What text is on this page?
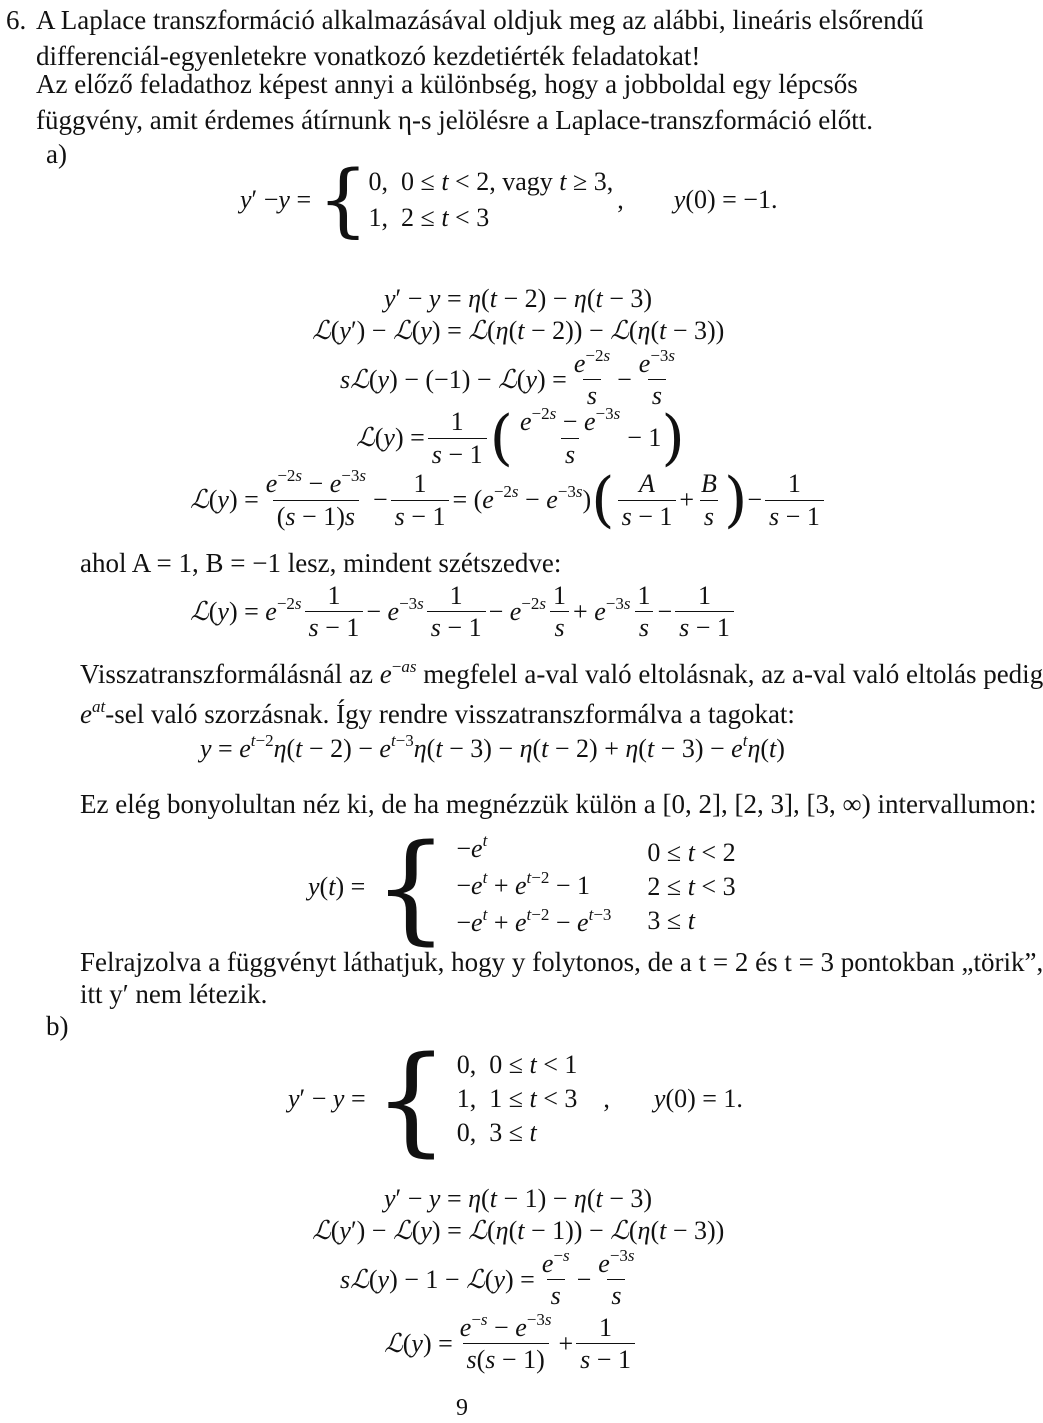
6. A Laplace transzformáció alkalmazásával oldjuk meg az alábbi, lineáris elsőrendű differenciál-egyenletekre vonatkozó kezdetiérték feladatokat!
Az előző feladathoz képest annyi a különbség, hogy a jobboldal egy lépcsős függvény, amit érdemes átírnunk η-s jelölésre a Laplace-transzformáció előtt.
a)
y ′ − y = { 0,  0 ≤ t < 2, vagy t ≥ 3,
1,  2 ≤ t < 3
, y(0) = −1.
y′ − y = η(t − 2) − η(t − 3)
ℒ(y′) − ℒ(y) = ℒ(η(t − 2)) − ℒ(η(t − 3))
sℒ(y) − (−1) − ℒ(y) = $\frac{e^{-2s}}{s} - \frac{e^{-3s}}{s}$
ℒ(y) = $\frac{1}{s - 1}$ ( $\frac{e^{-2s} - e^{-3s}}{s} - 1$ )
ℒ(y) = $\frac{e^{-2s} - e^{-3s}}{(s - 1)s} - \frac{1}{s - 1} = (e^{-2s} - e^{-3s})$ ( $\frac{A}{s - 1} + \frac{B}{s}$ ) − $\frac{1}{s - 1}$
ahol A = 1, B = −1 lesz, mindent szétszedve:
ℒ(y) = $e^{-2s} \frac{1}{s - 1} - e^{-3s} \frac{1}{s - 1} - e^{-2s} \frac{1}{s} + e^{-3s} \frac{1}{s} - \frac{1}{s - 1}$
Visszatranszformálásnál az $e^{-as}$ megfelel a-val való eltolásnak, az a-val való eltolás pedig
$e^{at}$-sel való szorzásnak. Így rendre visszatranszformálva a tagokat:
$y = e^{t-2}\eta(t - 2) - e^{t-3}\eta(t - 3) - \eta(t - 2) + \eta(t - 3) - e^t\eta(t)$
Ez elég bonyolultan néz ki, de ha megnézzük külön a [0, 2], [2, 3], [3, ∞) intervallumon:
y(t) = { $-e^t$
$-e^t + e^{t-2} - 1$
$-e^t + e^{t-2} - e^{t-3}$
0 ≤ t < 2
2 ≤ t < 3
3 ≤ t
Felrajzolva a függvényt láthatjuk, hogy y folytonos, de a t = 2 és t = 3 pontokban „törik”,
itt y′ nem létezik.
b)
y′ − y = { 0,  0 ≤ t < 1
1,  1 ≤ t < 3
0,  3 ≤ t
, y(0) = 1.
y′ − y = η(t − 1) − η(t − 3)
ℒ(y′) − ℒ(y) = ℒ(η(t − 1)) − ℒ(η(t − 3))
sℒ(y) − 1 − ℒ(y) = $\frac{e^{-s}}{s} - \frac{e^{-3s}}{s}$
ℒ(y) = $\frac{e^{-s} - e^{-3s}}{s(s - 1)} + \frac{1}{s - 1}$
9
